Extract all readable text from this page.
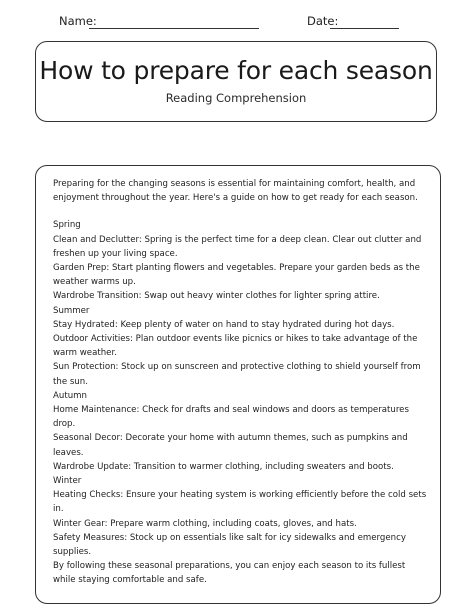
Name:	Date:
How to prepare for each season
Reading Comprehension

Preparing for the changing seasons is essential for maintaining comfort, health, and enjoyment throughout the year. Here's a guide on how to get ready for each season.

Spring

Clean and Declutter: Spring is the perfect time for a deep clean. Clear out clutter and freshen up your living space.

Garden Prep: Start planting flowers and vegetables. Prepare your garden beds as the weather warms up.

Wardrobe Transition: Swap out heavy winter clothes for lighter spring attire.

Summer

Stay Hydrated: Keep plenty of water on hand to stay hydrated during hot days.

Outdoor Activities: Plan outdoor events like picnics or hikes to take advantage of the warm weather.

Sun Protection: Stock up on sunscreen and protective clothing to shield yourself from the sun.

Autumn

Home Maintenance: Check for drafts and seal windows and doors as temperatures drop.

Seasonal Decor: Decorate your home with autumn themes, such as pumpkins and leaves.

Wardrobe Update: Transition to warmer clothing, including sweaters and boots.

Winter

Heating Checks: Ensure your heating system is working efficiently before the cold sets in.

Winter Gear: Prepare warm clothing, including coats, gloves, and hats.

Safety Measures: Stock up on essentials like salt for icy sidewalks and emergency supplies.

By following these seasonal preparations, you can enjoy each season to its fullest while staying comfortable and safe.
